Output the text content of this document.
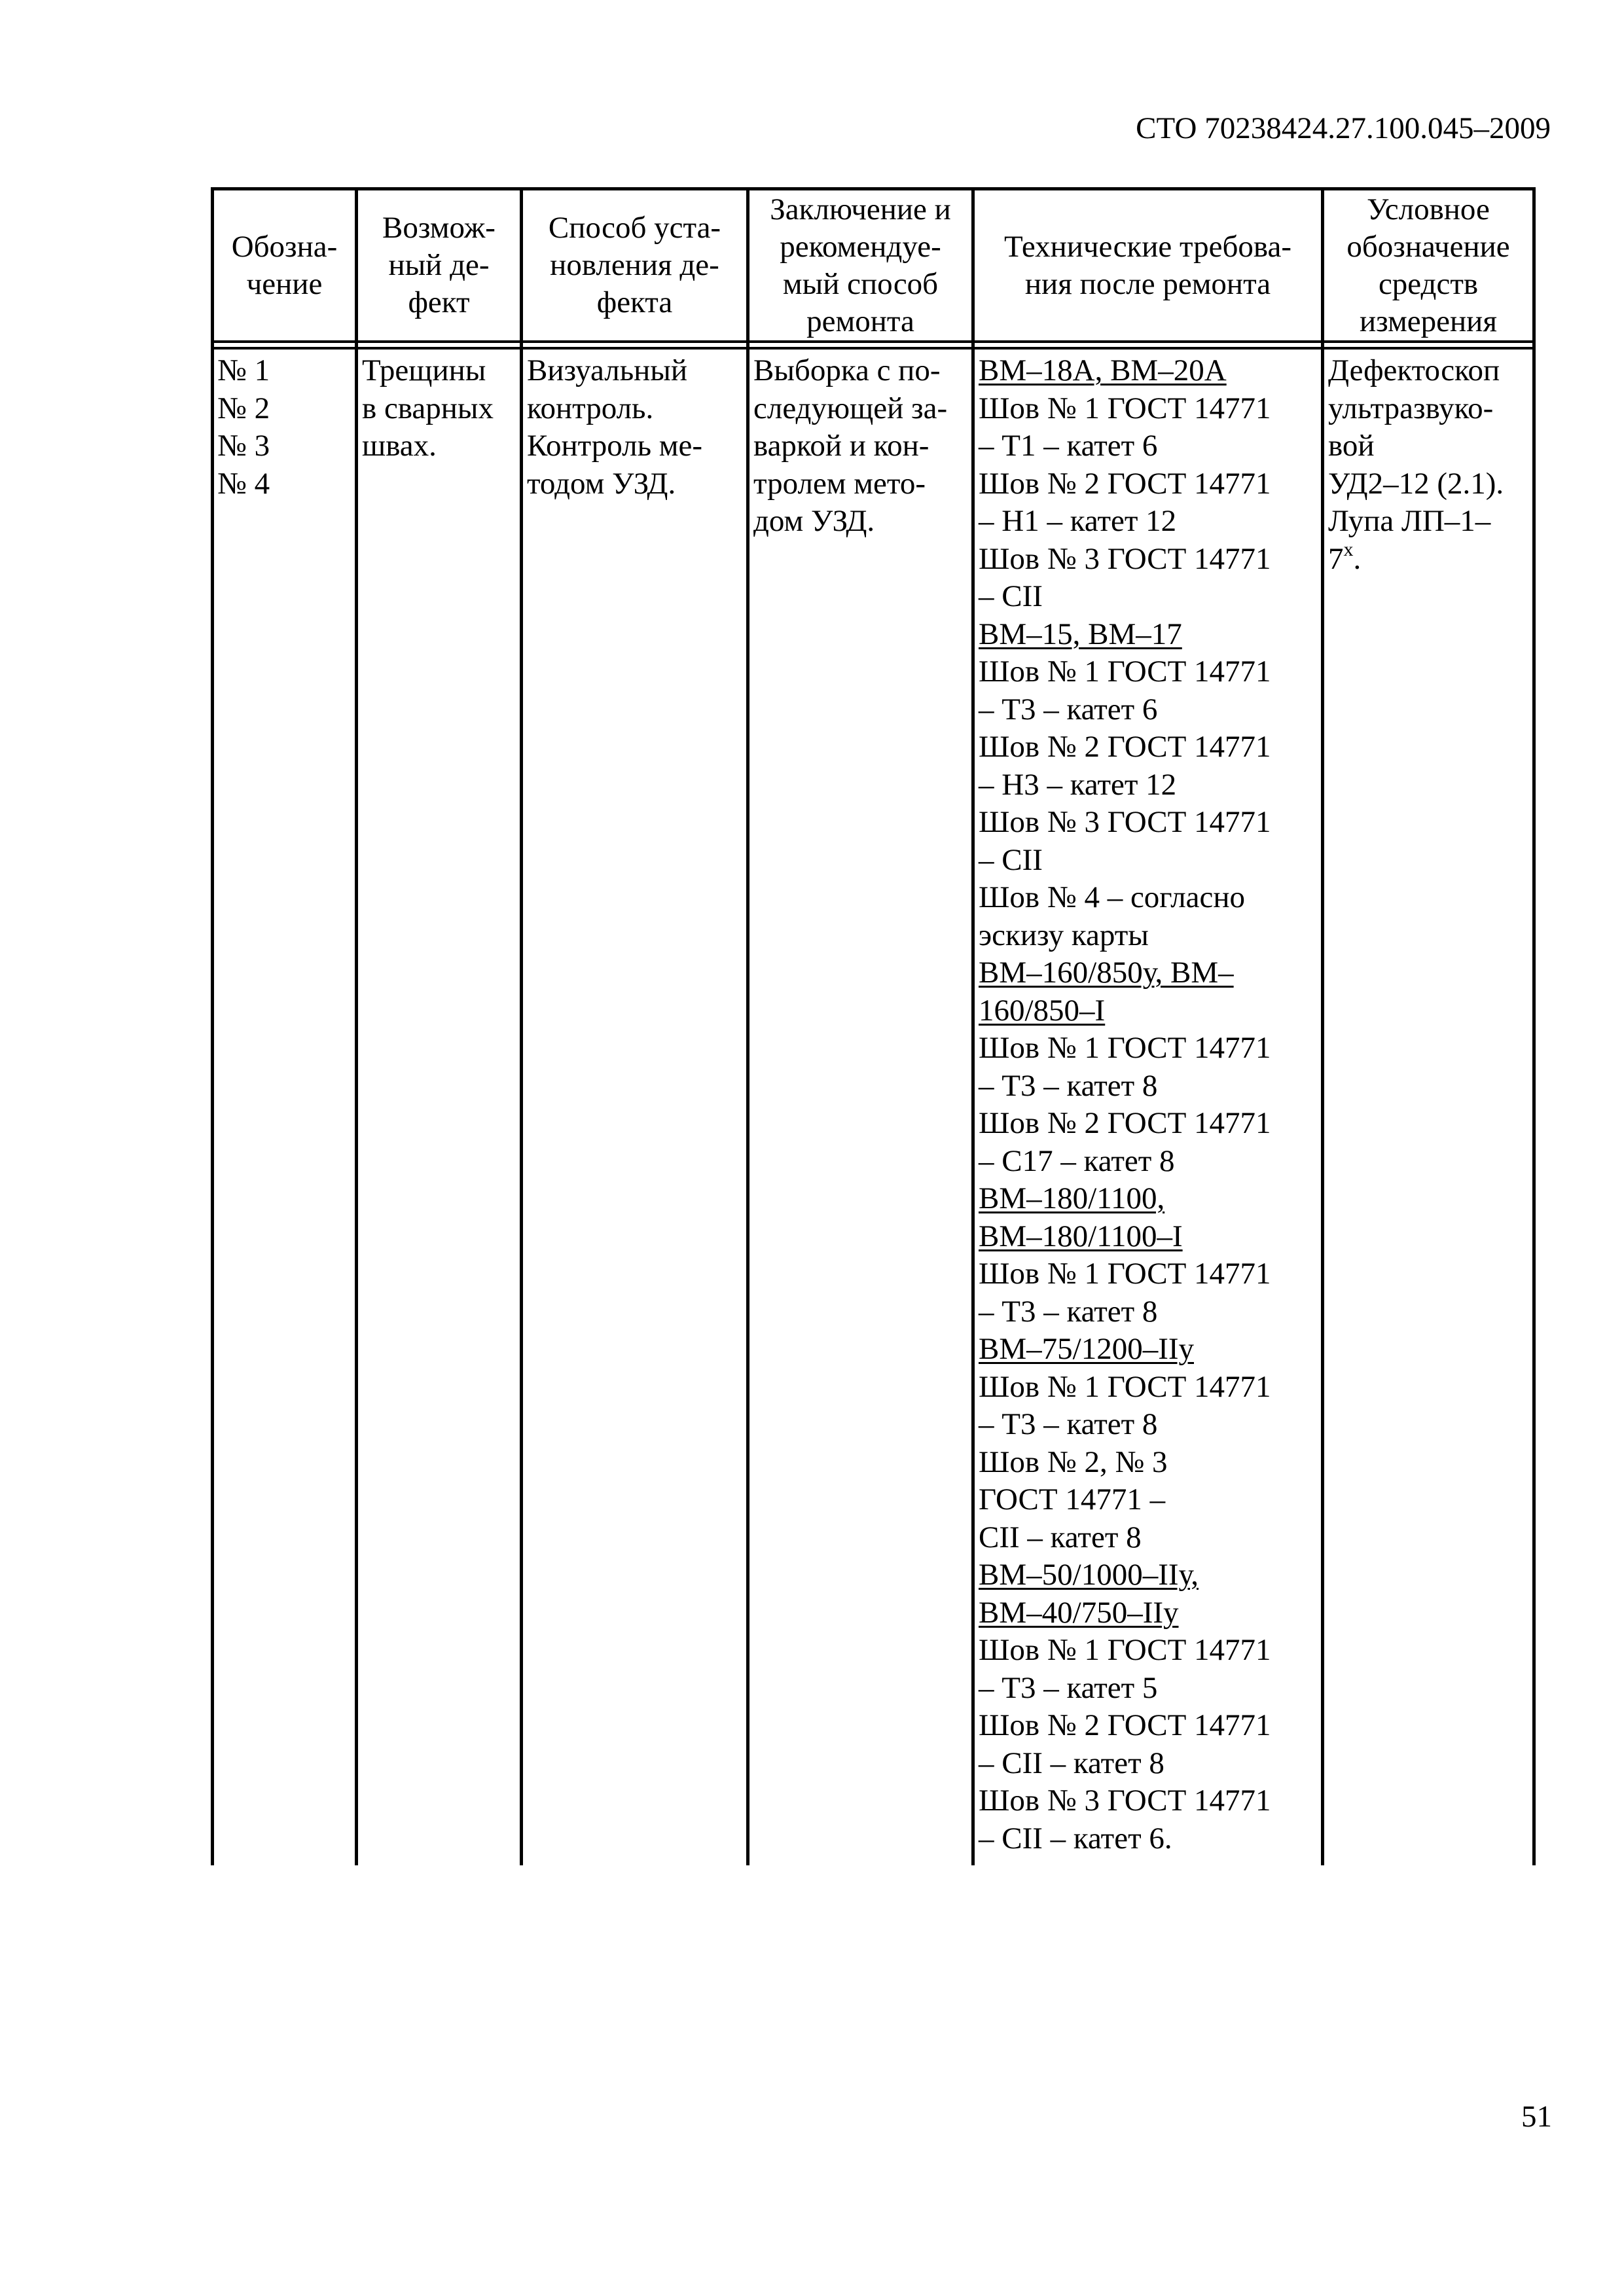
СТО 70238424.27.100.045–2009
Обозна-
чение
Возмож-
ный де-
фект
Способ уста-
новления де-
фекта
Заключение и
рекомендуе-
мый способ
ремонта
Технические требова-
ния после ремонта
Условное
обозначение
средств
измерения
№ 1
№ 2
№ 3
№ 4
Трещины
в сварных
швах.
Визуальный
контроль.
Контроль ме-
тодом УЗД.
Выборка с по-
следующей за-
варкой и кон-
тролем мето-
дом УЗД.
ВМ–18А, ВМ–20А
Шов № 1 ГОСТ 14771
– Т1 – катет 6
Шов № 2 ГОСТ 14771
– Н1 – катет 12
Шов № 3 ГОСТ 14771
– СII
ВМ–15, ВМ–17
Шов № 1 ГОСТ 14771
– Т3 – катет 6
Шов № 2 ГОСТ 14771
– Н3 – катет 12
Шов № 3 ГОСТ 14771
– СII
Шов № 4 – согласно
эскизу карты
ВМ–160/850у, ВМ–
160/850–I
Шов № 1 ГОСТ 14771
– Т3 – катет 8
Шов № 2 ГОСТ 14771
– С17 – катет 8
ВМ–180/1100,
ВМ–180/1100–I
Шов № 1 ГОСТ 14771
– Т3 – катет 8
ВМ–75/1200–IIу
Шов № 1 ГОСТ 14771
– Т3 – катет 8
Шов № 2, № 3
ГОСТ 14771 –
СII – катет 8
ВМ–50/1000–IIу,
ВМ–40/750–IIу
Шов № 1 ГОСТ 14771
– Т3 – катет 5
Шов № 2 ГОСТ 14771
– СII – катет 8
Шов № 3 ГОСТ 14771
– СII – катет 6.
Дефектоскоп
ультразвуко-
вой
УД2–12 (2.1).
Лупа ЛП–1–
$7^х$.
51
